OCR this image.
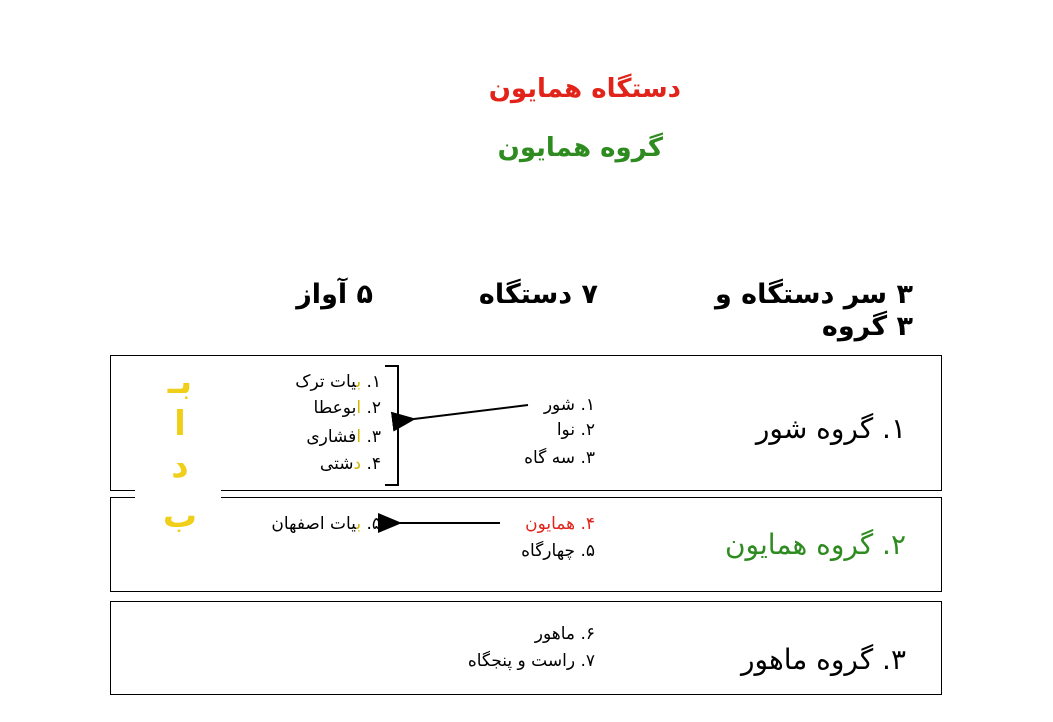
دستگاه همایون
گروه همایون
۳ سر دستگاه و
۳ گروه
۷ دستگاه
۵ آواز
۱. گروه شور
۲. گروه همایون
۳. گروه ماهور
۱. شور
۲. نوا
۳. سه گاه
۴. همایون
۵. چهارگاه
۶. ماهور
۷. راست و پنجگاه
۱. بیات ترک
۲. ابوعطا
۳. افشاری
۴. دشتی
۵. بیات اصفهان
بـ
ا
د
ب
